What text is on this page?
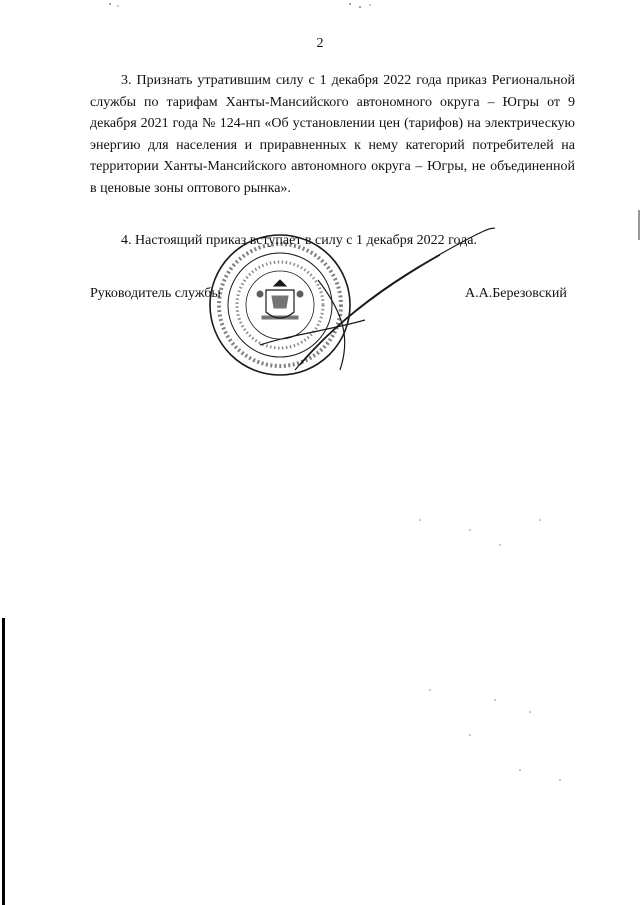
2

3. Признать утратившим силу с 1 декабря 2022 года приказ Региональной службы по тарифам Ханты-Мансийского автономного округа – Югры от 9 декабря 2021 года № 124-нп «Об установлении цен (тарифов) на электрическую энергию для населения и приравненных к нему категорий потребителей на территории Ханты-Мансийского автономного округа – Югры, не объединенной в ценовые зоны оптового рынка».

4. Настоящий приказ вступает в силу с 1 декабря 2022 года.

Руководитель службы	А.А.Березовский
